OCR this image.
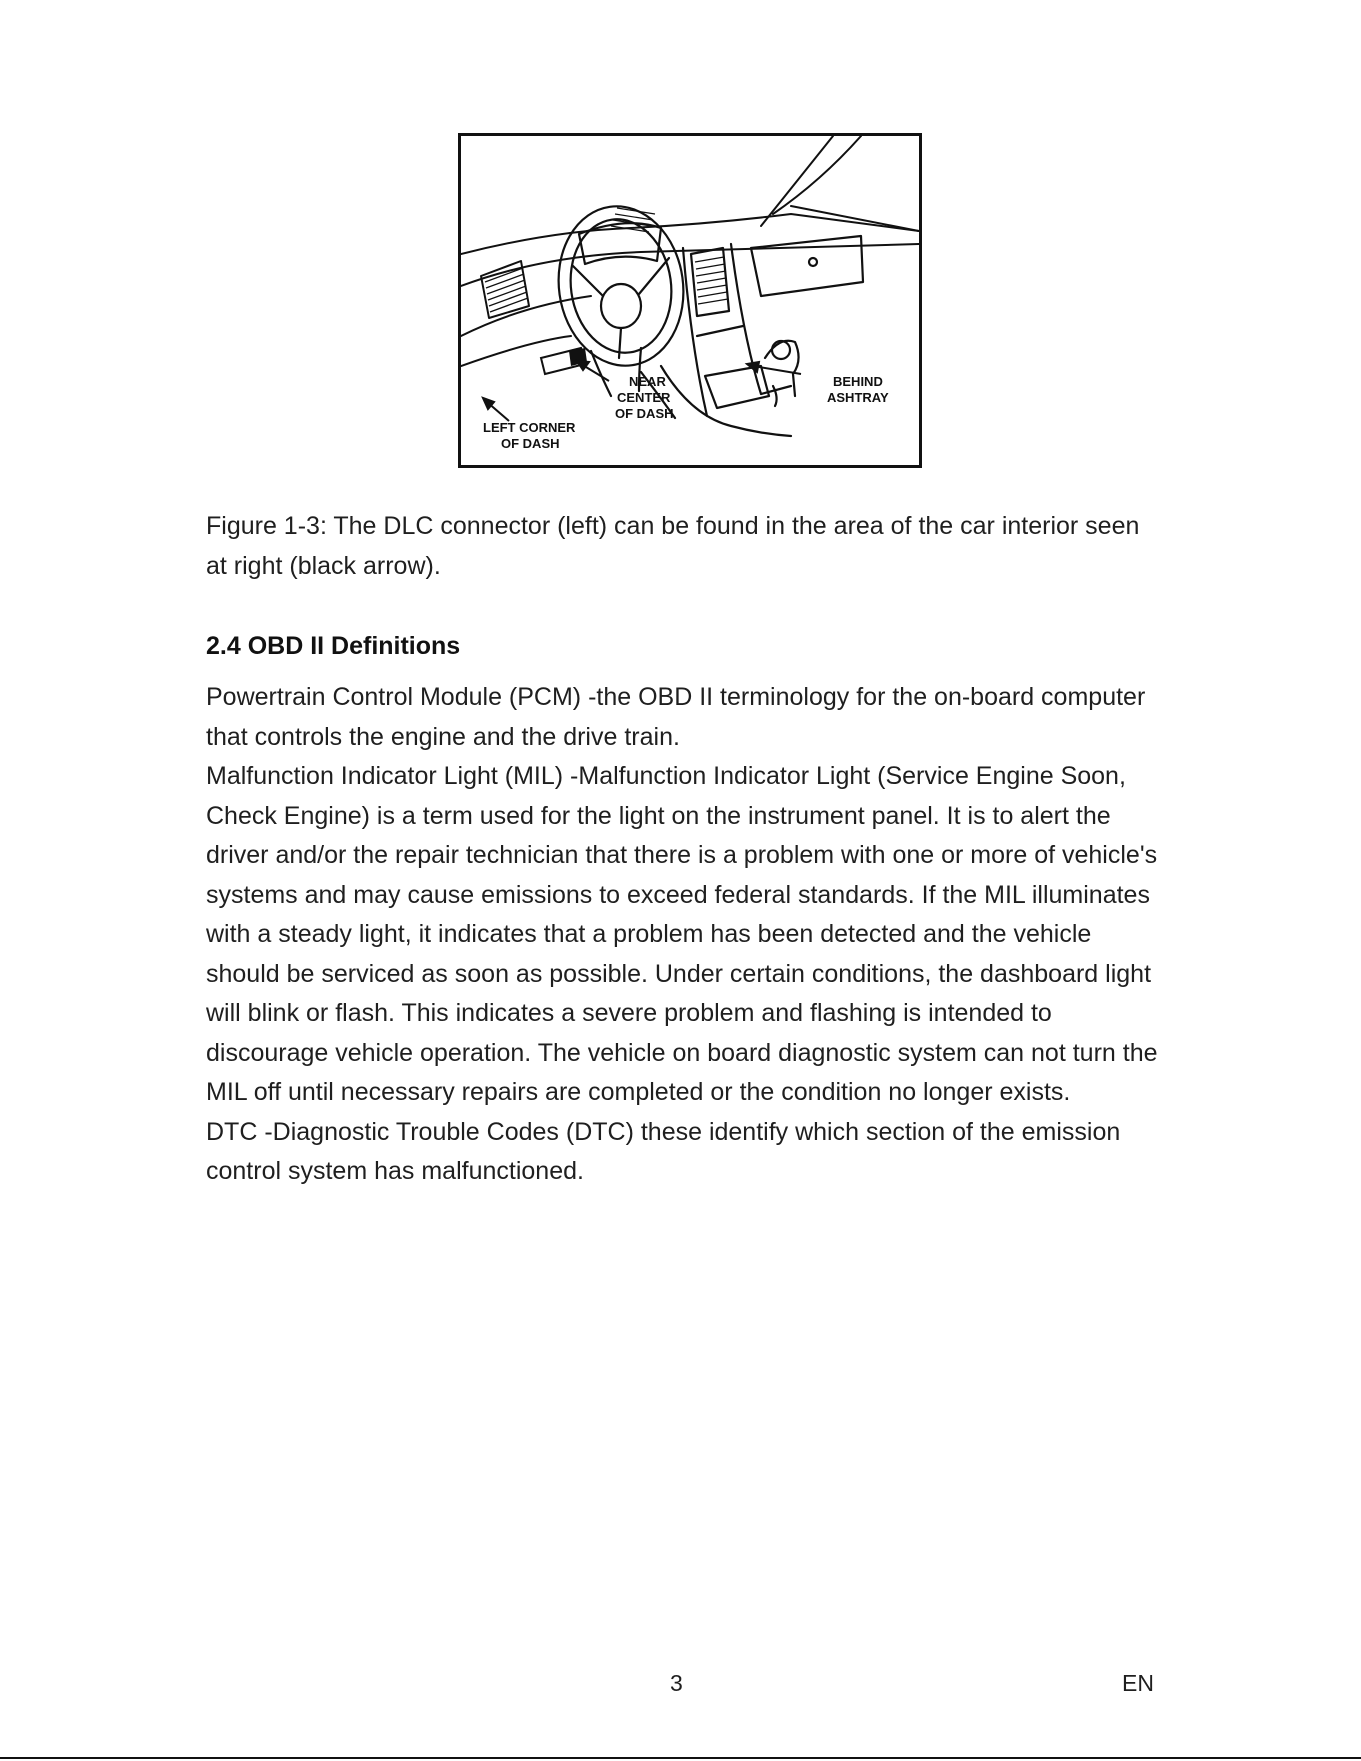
NEAR
CENTER
OF DASH
BEHIND
ASHTRAY
LEFT CORNER
OF DASH

Figure 1-3: The DLC connector (left) can be found in the area of the car interior seen at right (black arrow).

2.4 OBD II Definitions

Powertrain Control Module (PCM) -the OBD II terminology for the on-board computer that controls the engine and the drive train.

Malfunction Indicator Light (MIL) -Malfunction Indicator Light (Service Engine Soon, Check Engine) is a term used for the light on the instrument panel. It is to alert the driver and/or the repair technician that there is a problem with one or more of vehicle's systems and may cause emissions to exceed federal standards. If the MIL illuminates with a steady light, it indicates that a problem has been detected and the vehicle should be serviced as soon as possible. Under certain conditions, the dashboard light will blink or flash. This indicates a severe problem and flashing is intended to discourage vehicle operation. The vehicle on board diagnostic system can not turn the MIL off until necessary repairs are completed or the condition no longer exists.

DTC -Diagnostic Trouble Codes (DTC) these identify which section of the emission control system has malfunctioned.

3	EN
